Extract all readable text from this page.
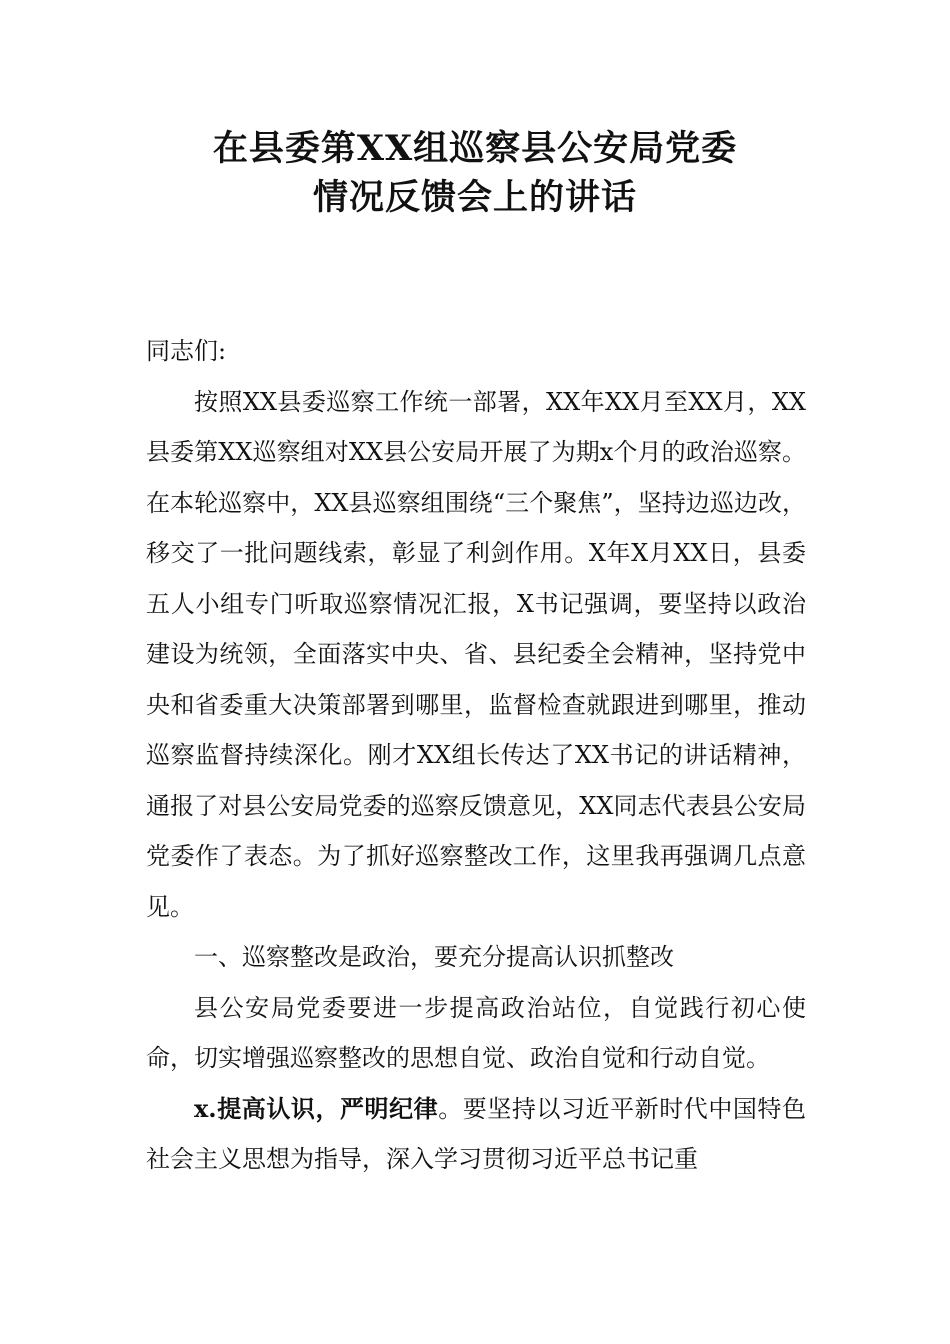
在县委第XX组巡察县公安局党委
情况反馈会上的讲话

同志们:

按照XX县委巡察工作统一部署，XX年XX月至XX月，XX县委第XX巡察组对XX县公安局开展了为期x个月的政治巡察。在本轮巡察中，XX县巡察组围绕“三个聚焦”，坚持边巡边改，移交了一批问题线索，彰显了利剑作用。X年X月XX日，县委五人小组专门听取巡察情况汇报，X书记强调，要坚持以政治建设为统领，全面落实中央、省、县纪委全会精神，坚持党中央和省委重大决策部署到哪里，监督检查就跟进到哪里，推动巡察监督持续深化。刚才XX组长传达了XX书记的讲话精神，通报了对县公安局党委的巡察反馈意见，XX同志代表县公安局党委作了表态。为了抓好巡察整改工作，这里我再强调几点意见。

一、巡察整改是政治，要充分提高认识抓整改

县公安局党委要进一步提高政治站位，自觉践行初心使命，切实增强巡察整改的思想自觉、政治自觉和行动自觉。

x.提高认识，严明纪律。要坚持以习近平新时代中国特色社会主义思想为指导，深入学习贯彻习近平总书记重
